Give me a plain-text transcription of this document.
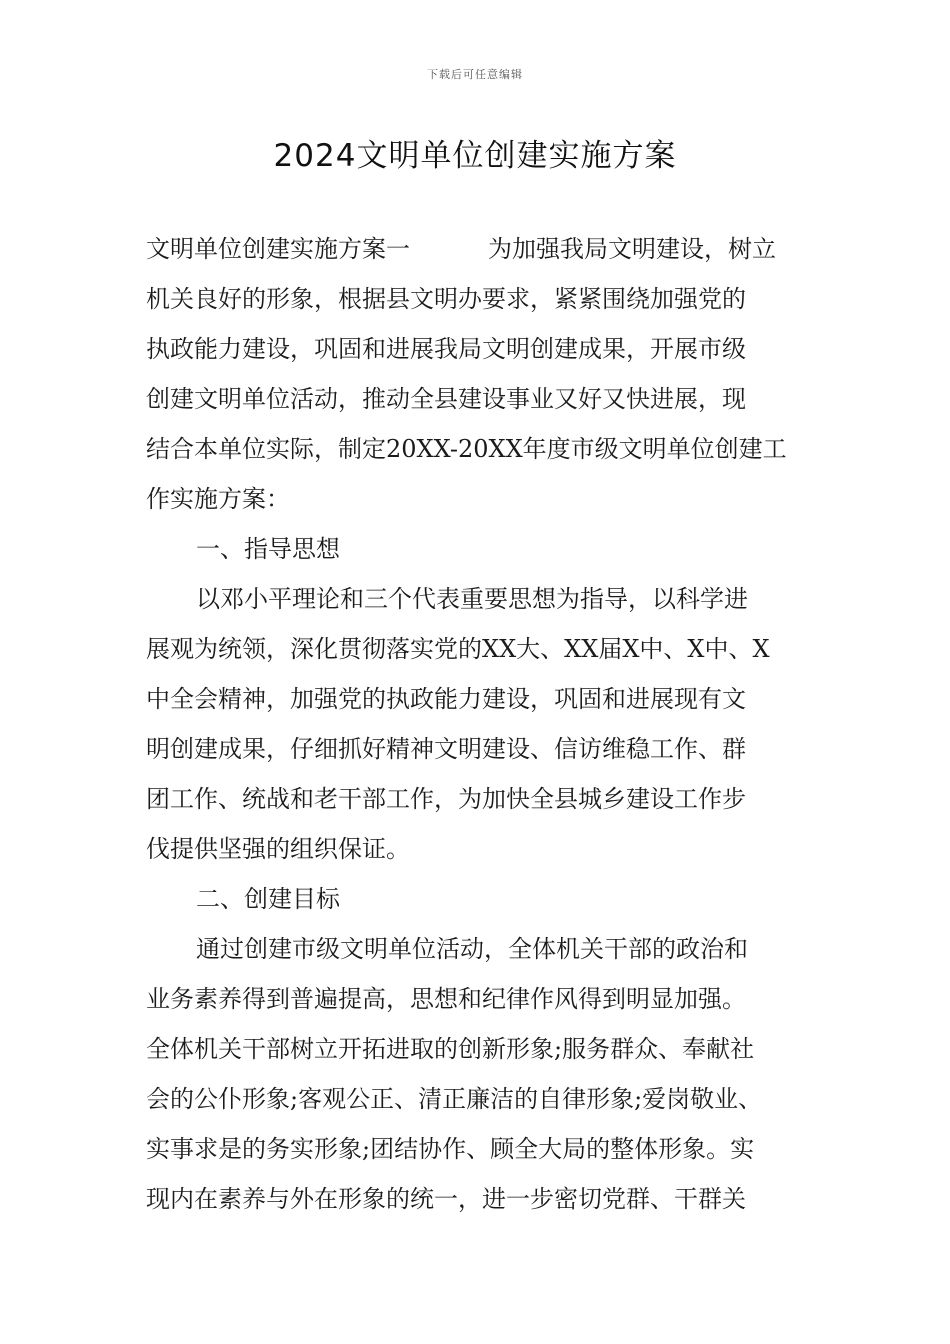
下载后可任意编辑
2024文明单位创建实施方案
文明单位创建实施方案一	为加强我局文明建设，树立
机关良好的形象，根据县文明办要求，紧紧围绕加强党的
执政能力建设，巩固和进展我局文明创建成果，开展市级
创建文明单位活动，推动全县建设事业又好又快进展，现
结合本单位实际，制定20XX-20XX年度市级文明单位创建工
作实施方案：
一、指导思想
以邓小平理论和三个代表重要思想为指导，以科学进
展观为统领，深化贯彻落实党的XX大、XX届X中、X中、X
中全会精神，加强党的执政能力建设，巩固和进展现有文
明创建成果，仔细抓好精神文明建设、信访维稳工作、群
团工作、统战和老干部工作，为加快全县城乡建设工作步
伐提供坚强的组织保证。
二、创建目标
通过创建市级文明单位活动，全体机关干部的政治和
业务素养得到普遍提高，思想和纪律作风得到明显加强。
全体机关干部树立开拓进取的创新形象;服务群众、奉献社
会的公仆形象;客观公正、清正廉洁的自律形象;爱岗敬业、
实事求是的务实形象;团结协作、顾全大局的整体形象。实
现内在素养与外在形象的统一，进一步密切党群、干群关
